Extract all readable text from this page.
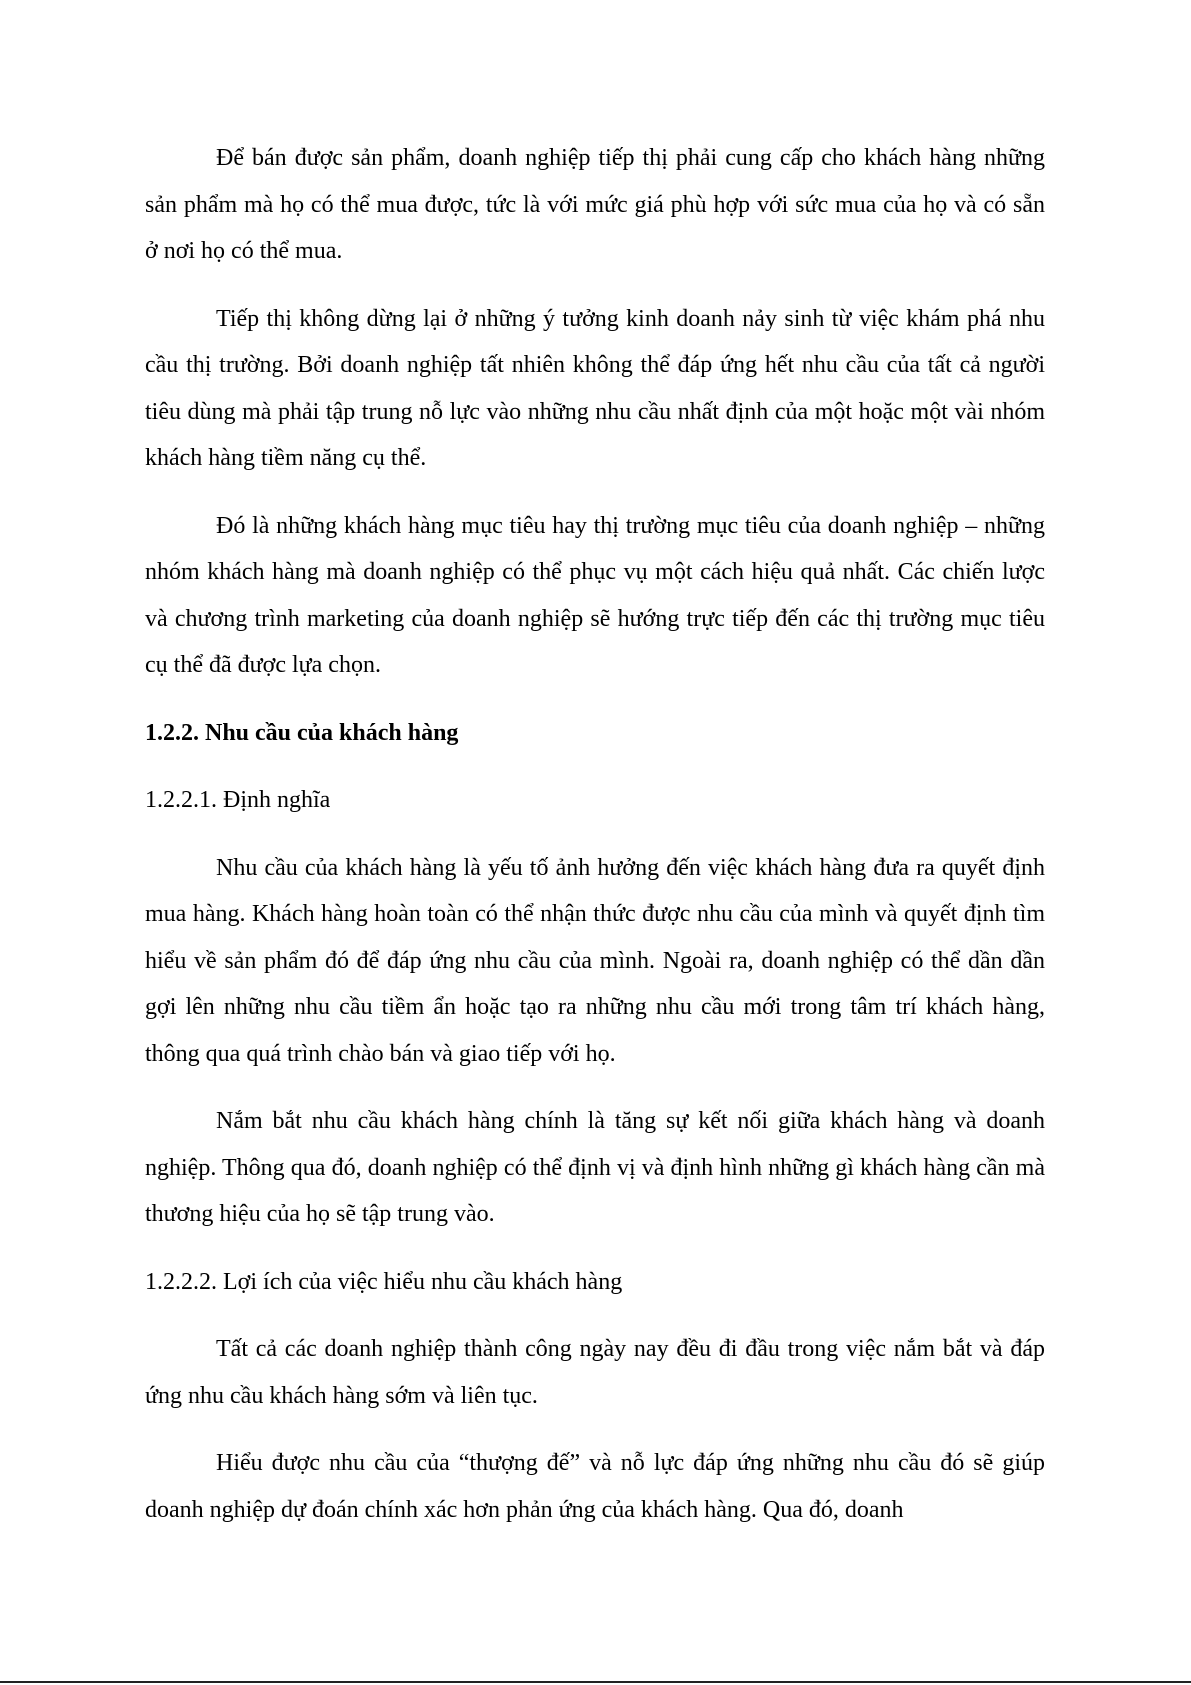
Để bán được sản phẩm, doanh nghiệp tiếp thị phải cung cấp cho khách hàng những sản phẩm mà họ có thể mua được, tức là với mức giá phù hợp với sức mua của họ và có sẵn ở nơi họ có thể mua.

Tiếp thị không dừng lại ở những ý tưởng kinh doanh nảy sinh từ việc khám phá nhu cầu thị trường. Bởi doanh nghiệp tất nhiên không thể đáp ứng hết nhu cầu của tất cả người tiêu dùng mà phải tập trung nỗ lực vào những nhu cầu nhất định của một hoặc một vài nhóm khách hàng tiềm năng cụ thể.

Đó là những khách hàng mục tiêu hay thị trường mục tiêu của doanh nghiệp – những nhóm khách hàng mà doanh nghiệp có thể phục vụ một cách hiệu quả nhất. Các chiến lược và chương trình marketing của doanh nghiệp sẽ hướng trực tiếp đến các thị trường mục tiêu cụ thể đã được lựa chọn.

1.2.2. Nhu cầu của khách hàng

1.2.2.1. Định nghĩa

Nhu cầu của khách hàng là yếu tố ảnh hưởng đến việc khách hàng đưa ra quyết định mua hàng. Khách hàng hoàn toàn có thể nhận thức được nhu cầu của mình và quyết định tìm hiểu về sản phẩm đó để đáp ứng nhu cầu của mình. Ngoài ra, doanh nghiệp có thể dần dần gợi lên những nhu cầu tiềm ẩn hoặc tạo ra những nhu cầu mới trong tâm trí khách hàng, thông qua quá trình chào bán và giao tiếp với họ.

Nắm bắt nhu cầu khách hàng chính là tăng sự kết nối giữa khách hàng và doanh nghiệp. Thông qua đó, doanh nghiệp có thể định vị và định hình những gì khách hàng cần mà thương hiệu của họ sẽ tập trung vào.

1.2.2.2. Lợi ích của việc hiểu nhu cầu khách hàng

Tất cả các doanh nghiệp thành công ngày nay đều đi đầu trong việc nắm bắt và đáp ứng nhu cầu khách hàng sớm và liên tục.

Hiểu được nhu cầu của “thượng đế” và nỗ lực đáp ứng những nhu cầu đó sẽ giúp doanh nghiệp dự đoán chính xác hơn phản ứng của khách hàng. Qua đó, doanh
